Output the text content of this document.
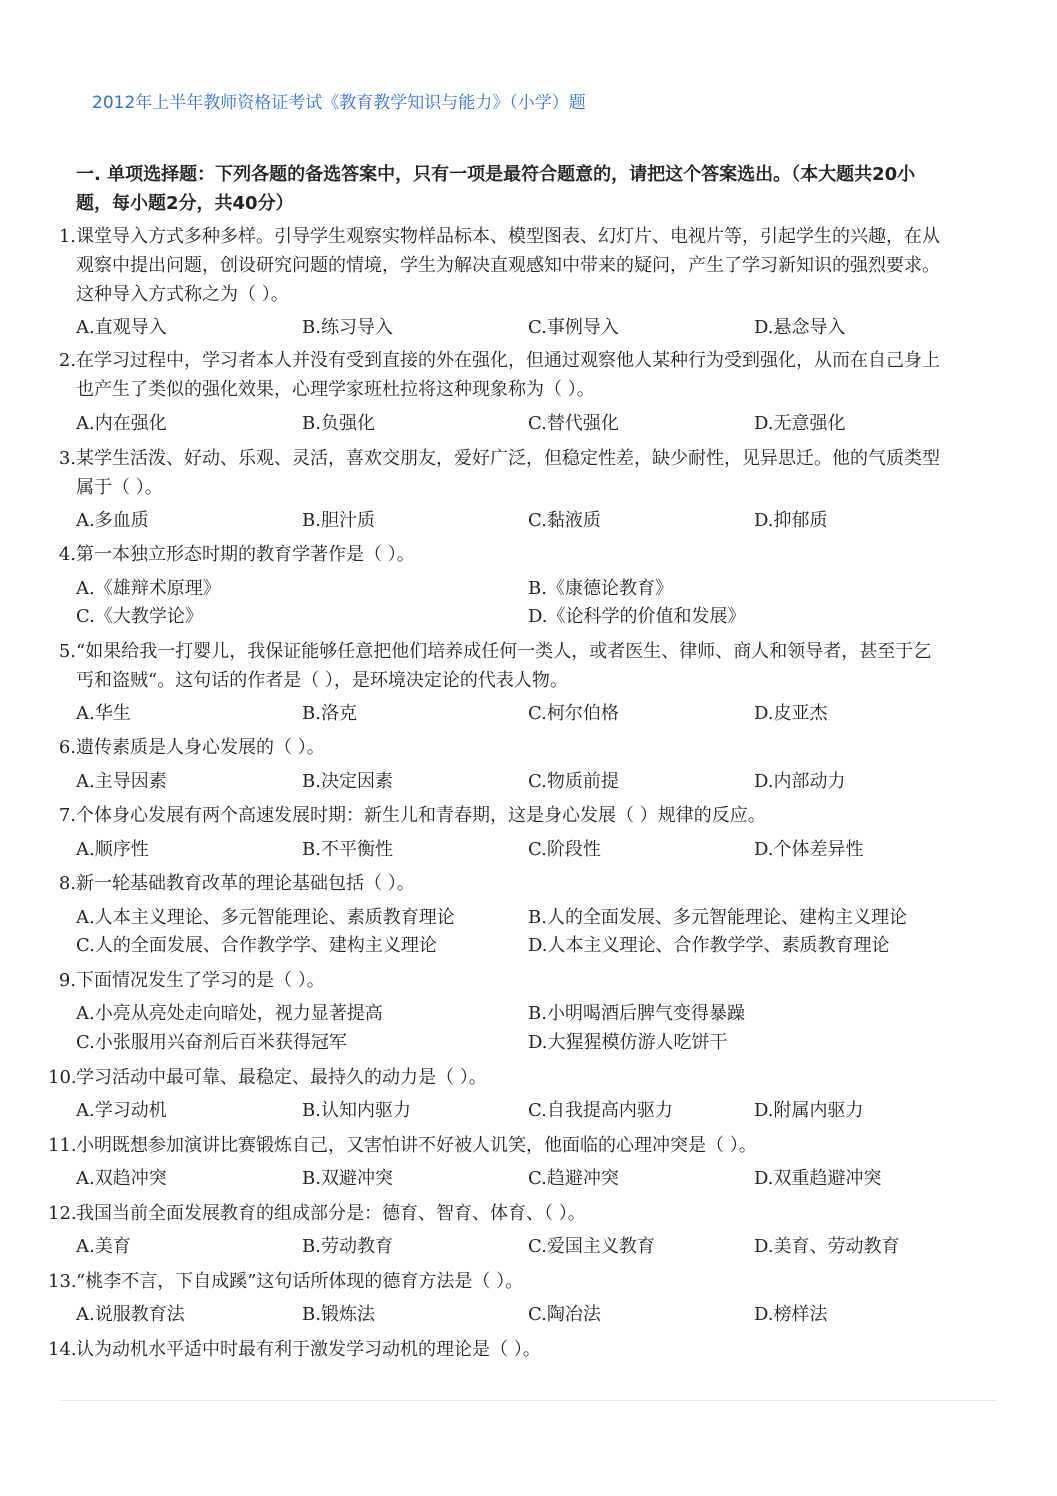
2012年上半年教师资格证考试《教育教学知识与能力》（小学）题
一. 单项选择题：下列各题的备选答案中，只有一项是最符合题意的，请把这个答案选出。（本大题共20小
题，每小题2分，共40分）
1.课堂导入方式多种多样。引导学生观察实物样品标本、模型图表、幻灯片、电视片等，引起学生的兴趣，在从
观察中提出问题，创设研究问题的情境，学生为解决直观感知中带来的疑问，产生了学习新知识的强烈要求。
这种导入方式称之为（ ）。
A.直观导入	B.练习导入	C.事例导入	D.悬念导入
2.在学习过程中，学习者本人并没有受到直接的外在强化，但通过观察他人某种行为受到强化，从而在自己身上
也产生了类似的强化效果，心理学家班杜拉将这种现象称为（ ）。
A.内在强化	B.负强化	C.替代强化	D.无意强化
3.某学生活泼、好动、乐观、灵活，喜欢交朋友，爱好广泛，但稳定性差，缺少耐性，见异思迁。他的气质类型
属于（ ）。
A.多血质	B.胆汁质	C.黏液质	D.抑郁质
4.第一本独立形态时期的教育学著作是（ ）。
A.《雄辩术原理》	B.《康德论教育》
C.《大教学论》	D.《论科学的价值和发展》
5.“如果给我一打婴儿，我保证能够任意把他们培养成任何一类人，或者医生、律师、商人和领导者，甚至于乞
丐和盗贼“。这句话的作者是（ ），是环境决定论的代表人物。
A.华生	B.洛克	C.柯尔伯格	D.皮亚杰
6.遗传素质是人身心发展的（ ）。
A.主导因素	B.决定因素	C.物质前提	D.内部动力
7.个体身心发展有两个高速发展时期：新生儿和青春期，这是身心发展（ ）规律的反应。
A.顺序性	B.不平衡性	C.阶段性	D.个体差异性
8.新一轮基础教育改革的理论基础包括（ ）。
A.人本主义理论、多元智能理论、素质教育理论	B.人的全面发展、多元智能理论、建构主义理论
C.人的全面发展、合作教学学、建构主义理论	D.人本主义理论、合作教学学、素质教育理论
9.下面情况发生了学习的是（ ）。
A.小亮从亮处走向暗处，视力显著提高	B.小明喝酒后脾气变得暴躁
C.小张服用兴奋剂后百米获得冠军	D.大猩猩模仿游人吃饼干
10.学习活动中最可靠、最稳定、最持久的动力是（ ）。
A.学习动机	B.认知内驱力	C.自我提高内驱力	D.附属内驱力
11.小明既想参加演讲比赛锻炼自己，又害怕讲不好被人讥笑，他面临的心理冲突是（ ）。
A.双趋冲突	B.双避冲突	C.趋避冲突	D.双重趋避冲突
12.我国当前全面发展教育的组成部分是：德育、智育、体育、（ ）。
A.美育	B.劳动教育	C.爱国主义教育	D.美育、劳动教育
13.“桃李不言，下自成蹊”这句话所体现的德育方法是（ ）。
A.说服教育法	B.锻炼法	C.陶冶法	D.榜样法
14.认为动机水平适中时最有利于激发学习动机的理论是（ ）。
